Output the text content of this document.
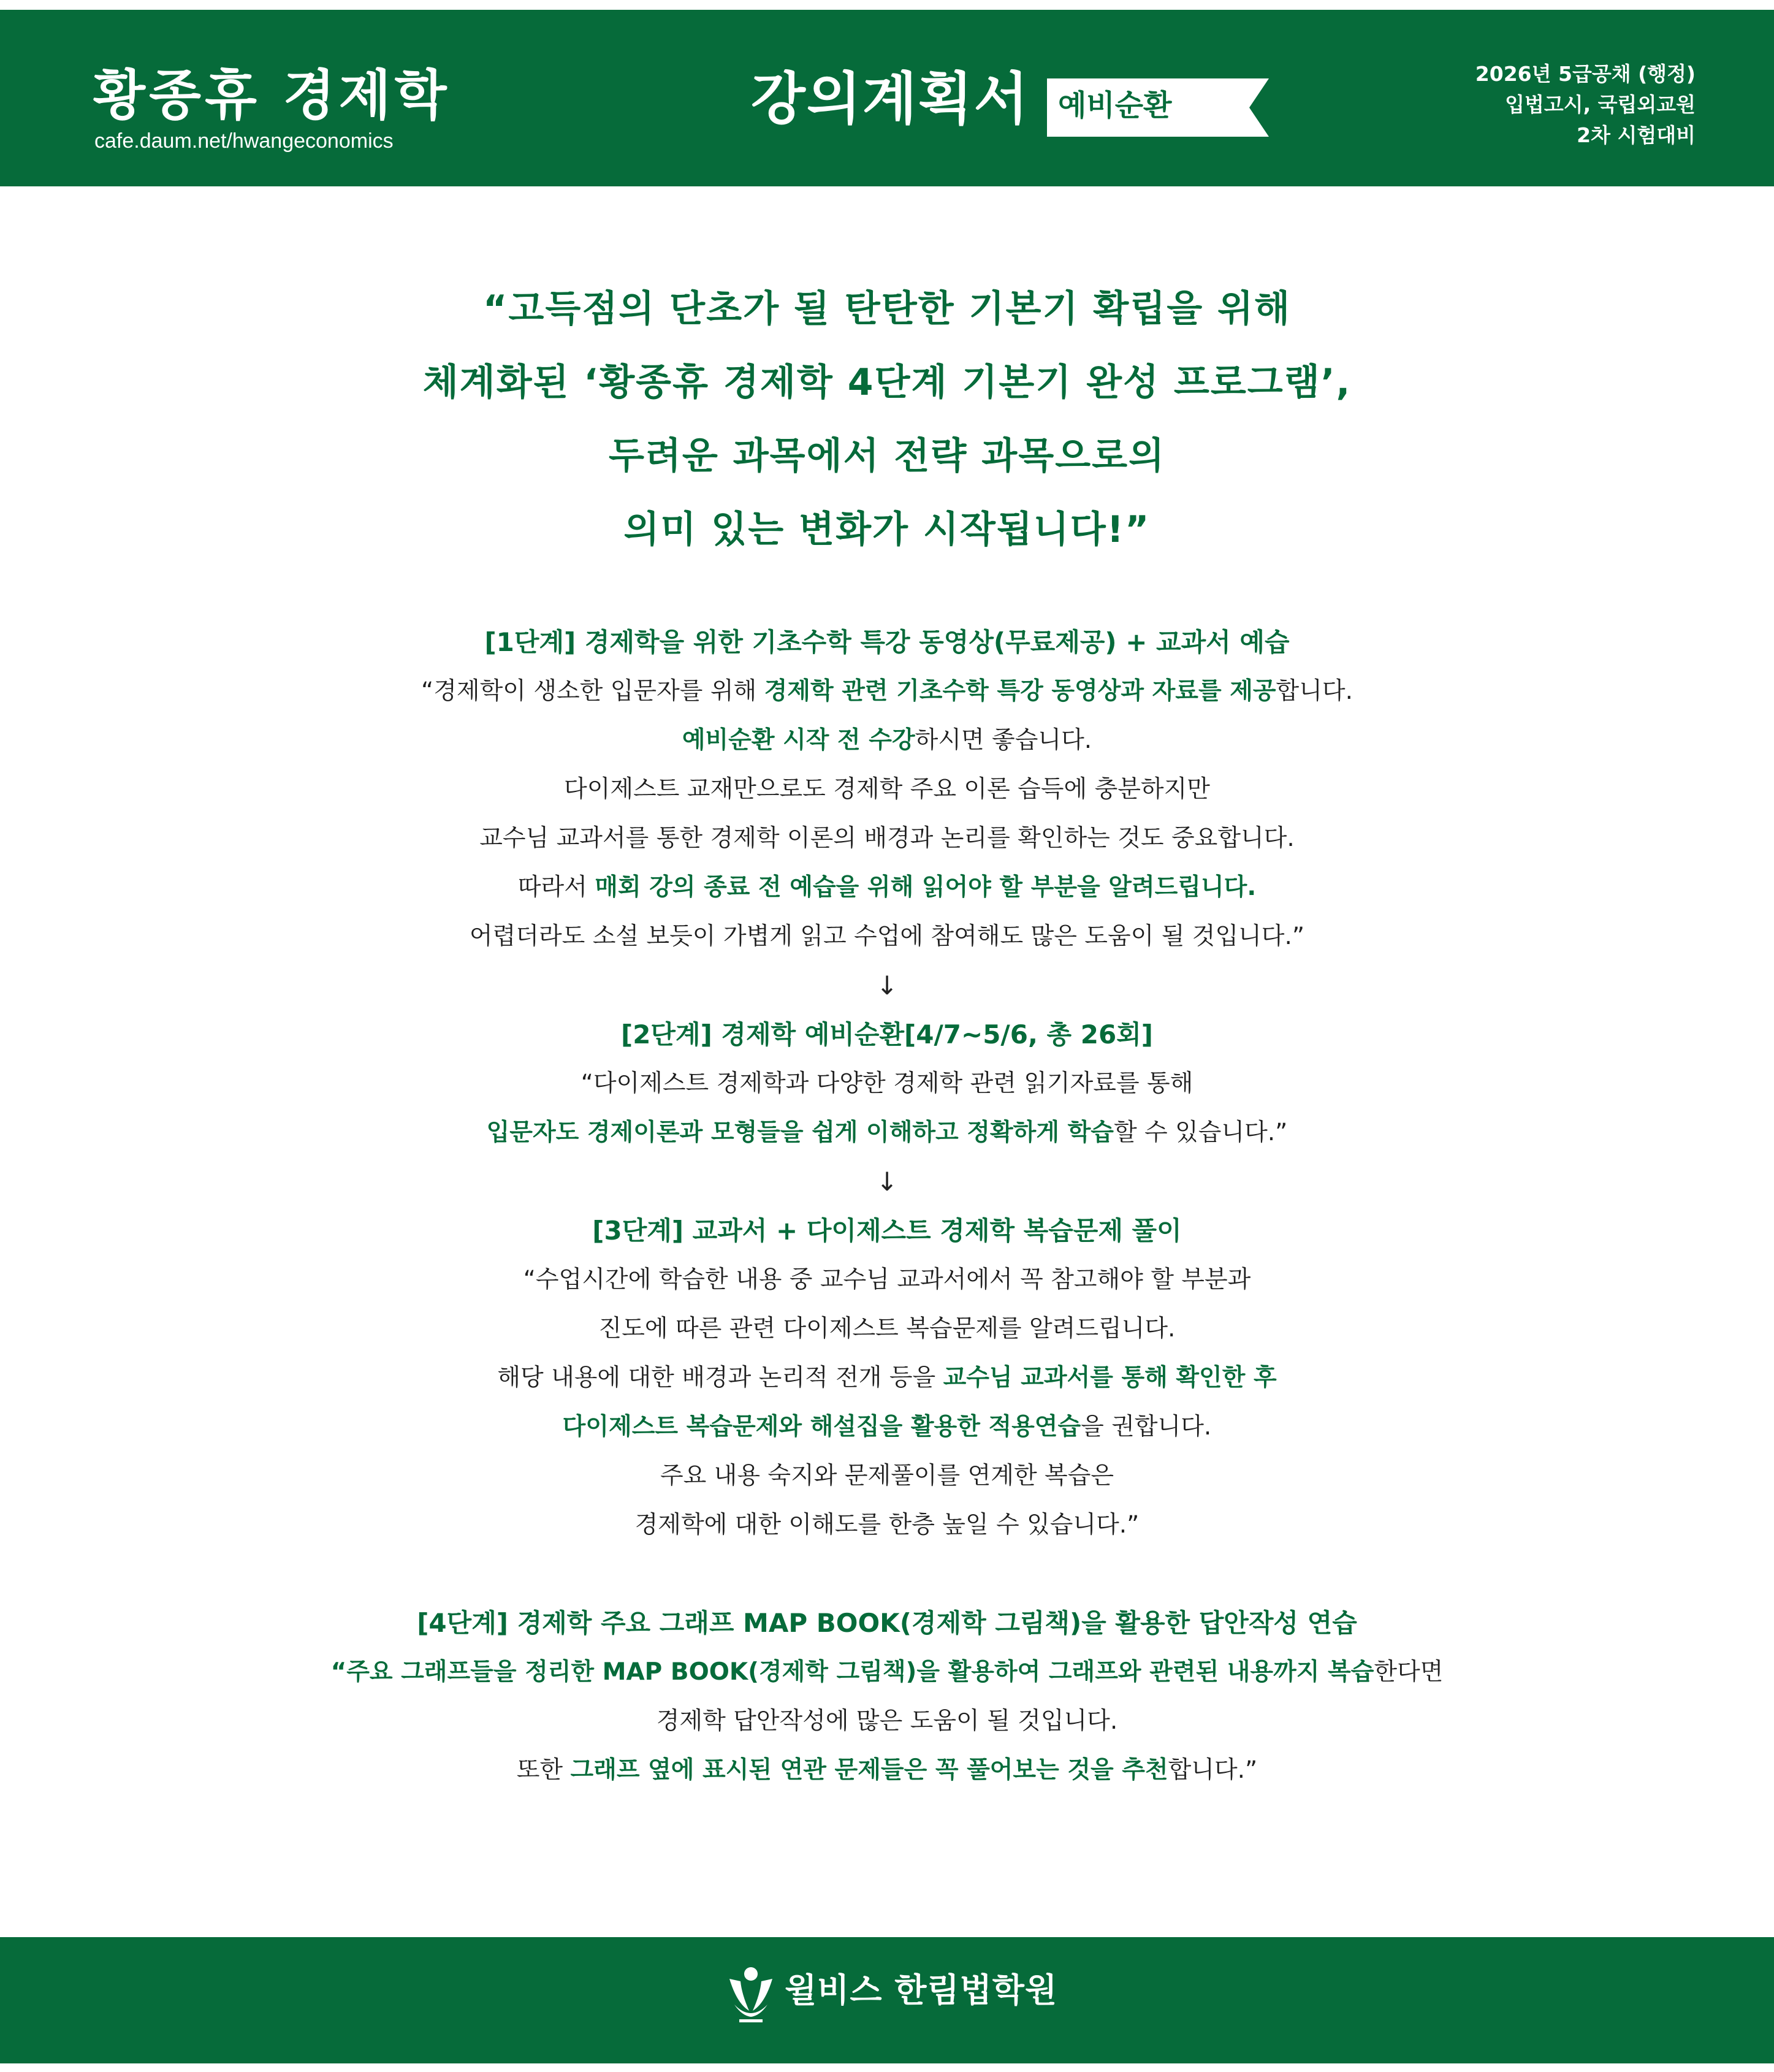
황종휴 경제학
cafe.daum.net/hwangeconomics
강의계획서 예비순환
2026년 5급공채 (행정)
입법고시, 국립외교원
2차 시험대비
“고득점의 단초가 될 탄탄한 기본기 확립을 위해
체계화된 ‘황종휴 경제학 4단계 기본기 완성 프로그램’,
두려운 과목에서 전략 과목으로의
의미 있는 변화가 시작됩니다!”
[1단계] 경제학을 위한 기초수학 특강 동영상(무료제공) + 교과서 예습
“경제학이 생소한 입문자를 위해 경제학 관련 기초수학 특강 동영상과 자료를 제공합니다.
예비순환 시작 전 수강하시면 좋습니다.
다이제스트 교재만으로도 경제학 주요 이론 습득에 충분하지만
교수님 교과서를 통한 경제학 이론의 배경과 논리를 확인하는 것도 중요합니다.
따라서 매회 강의 종료 전 예습을 위해 읽어야 할 부분을 알려드립니다.
어렵더라도 소설 보듯이 가볍게 읽고 수업에 참여해도 많은 도움이 될 것입니다.”
↓
[2단계] 경제학 예비순환[4/7~5/6, 총 26회]
“다이제스트 경제학과 다양한 경제학 관련 읽기자료를 통해
입문자도 경제이론과 모형들을 쉽게 이해하고 정확하게 학습할 수 있습니다.”
↓
[3단계] 교과서 + 다이제스트 경제학 복습문제 풀이
“수업시간에 학습한 내용 중 교수님 교과서에서 꼭 참고해야 할 부분과
진도에 따른 관련 다이제스트 복습문제를 알려드립니다.
해당 내용에 대한 배경과 논리적 전개 등을 교수님 교과서를 통해 확인한 후
다이제스트 복습문제와 해설집을 활용한 적용연습을 권합니다.
주요 내용 숙지와 문제풀이를 연계한 복습은
경제학에 대한 이해도를 한층 높일 수 있습니다.”
[4단계] 경제학 주요 그래프 MAP BOOK(경제학 그림책)을 활용한 답안작성 연습
“주요 그래프들을 정리한 MAP BOOK(경제학 그림책)을 활용하여 그래프와 관련된 내용까지 복습한다면
경제학 답안작성에 많은 도움이 될 것입니다.
또한 그래프 옆에 표시된 연관 문제들은 꼭 풀어보는 것을 추천합니다.”
윌비스 한림법학원
